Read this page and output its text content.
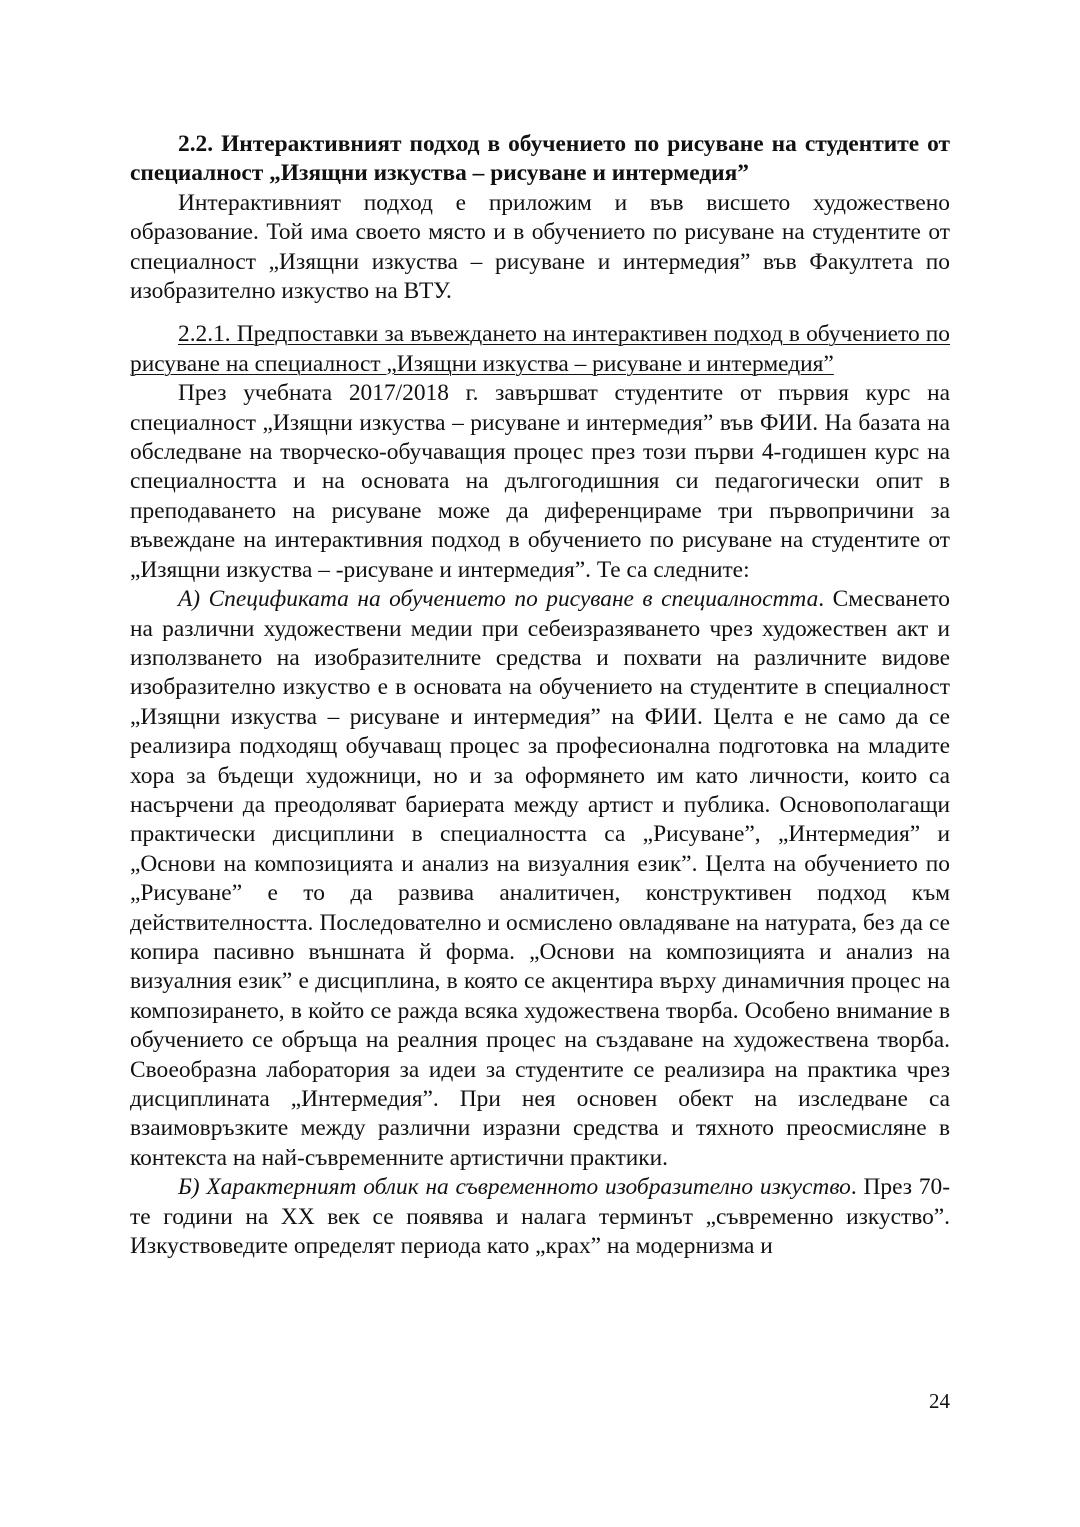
2.2. Интерактивният подход в обучението по рисуване на студентите от специалност „Изящни изкуства – рисуване и интермедия”

Интерактивният подход е приложим и във висшето художествено образование. Той има своето място и в обучението по рисуване на студентите от специалност „Изящни изкуства – рисуване и интермедия” във Факултета по изобразително изкуство на ВТУ.

2.2.1. Предпоставки за въвеждането на интерактивен подход в обучението по рисуване на специалност „Изящни изкуства – рисуване и интермедия”

През учебната 2017/2018 г. завършват студентите от първия курс на специалност „Изящни изкуства – рисуване и интермедия” във ФИИ. На базата на обследване на творческо-обучаващия процес през този първи 4-годишен курс на специалността и на основата на дългогодишния си педагогически опит в преподаването на рисуване може да диференцираме три първопричини за въвеждане на интерактивния подход в обучението по рисуване на студентите от „Изящни изкуства – -рисуване и интермедия”. Те са следните:

А) Спецификата на обучението по рисуване в специалността. Смесването на различни художествени медии при себеизразяването чрез художествен акт и използването на изобразителните средства и похвати на различните видове изобразително изкуство е в основата на обучението на студентите в специалност „Изящни изкуства – рисуване и интермедия” на ФИИ. Целта е не само да се реализира подходящ обучаващ процес за професионална подготовка на младите хора за бъдещи художници, но и за оформянето им като личности, които са насърчени да преодоляват бариерата между артист и публика. Основополагащи практически дисциплини в специалността са „Рисуване”, „Интермедия” и „Основи на композицията и анализ на визуалния език”. Целта на обучението по „Рисуване” е то да развива аналитичен, конструктивен подход към действителността. Последователно и осмислено овладяване на натурата, без да се копира пасивно външната й форма. „Основи на композицията и анализ на визуалния език” е дисциплина, в която се акцентира върху динамичния процес на композирането, в който се ражда всяка художествена творба. Особено внимание в обучението се обръща на реалния процес на създаване на художествена творба. Своеобразна лаборатория за идеи за студентите се реализира на практика чрез дисциплината „Интермедия”. При нея основен обект на изследване са взаимовръзките между различни изразни средства и тяхното преосмисляне в контекста на най-съвременните артистични практики.

Б) Характерният облик на съвременното изобразително изкуство. През 70-те години на XX век се появява и налага терминът „съвременно изкуство”. Изкуствоведите определят периода като „крах” на модернизма и

24
